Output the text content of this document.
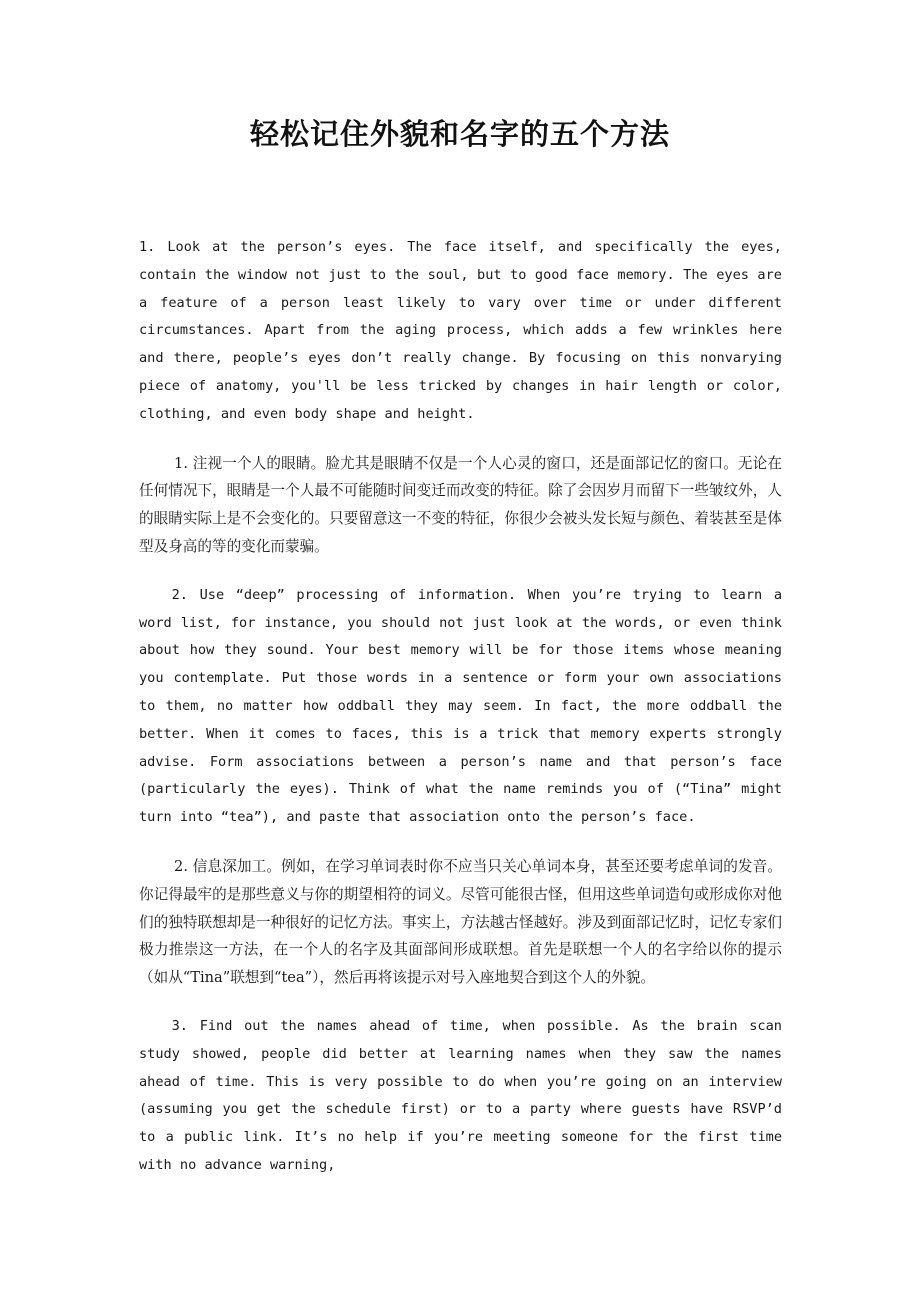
轻松记住外貌和名字的五个方法

1. Look at the person’s eyes. The face itself, and specifically the eyes, contain the window not just to the soul, but to good face memory. The eyes are a feature of a person least likely to vary over time or under different circumstances. Apart from the aging process, which adds a few wrinkles here and there, people’s eyes don’t really change. By focusing on this nonvarying piece of anatomy, you'll be less tricked by changes in hair length or color, clothing, and even body shape and height.

1. 注视一个人的眼睛。脸尤其是眼睛不仅是一个人心灵的窗口，还是面部记忆的窗口。无论在任何情况下，眼睛是一个人最不可能随时间变迁而改变的特征。除了会因岁月而留下一些皱纹外，人的眼睛实际上是不会变化的。只要留意这一不变的特征，你很少会被头发长短与颜色、着装甚至是体型及身高的等的变化而蒙骗。

2. Use “deep” processing of information. When you’re trying to learn a word list, for instance, you should not just look at the words, or even think about how they sound. Your best memory will be for those items whose meaning you contemplate. Put those words in a sentence or form your own associations to them, no matter how oddball they may seem. In fact, the more oddball the better. When it comes to faces, this is a trick that memory experts strongly advise. Form associations between a person’s name and that person’s face (particularly the eyes). Think of what the name reminds you of (“Tina” might turn into “tea”), and paste that association onto the person’s face.

2. 信息深加工。例如，在学习单词表时你不应当只关心单词本身，甚至还要考虑单词的发音。你记得最牢的是那些意义与你的期望相符的词义。尽管可能很古怪，但用这些单词造句或形成你对他们的独特联想却是一种很好的记忆方法。事实上，方法越古怪越好。涉及到面部记忆时，记忆专家们极力推崇这一方法，在一个人的名字及其面部间形成联想。首先是联想一个人的名字给以你的提示（如从“Tina”联想到“tea”），然后再将该提示对号入座地契合到这个人的外貌。

3. Find out the names ahead of time, when possible. As the brain scan study showed, people did better at learning names when they saw the names ahead of time. This is very possible to do when you’re going on an interview (assuming you get the schedule first) or to a party where guests have RSVP’d to a public link. It’s no help if you’re meeting someone for the first time with no advance warning,
